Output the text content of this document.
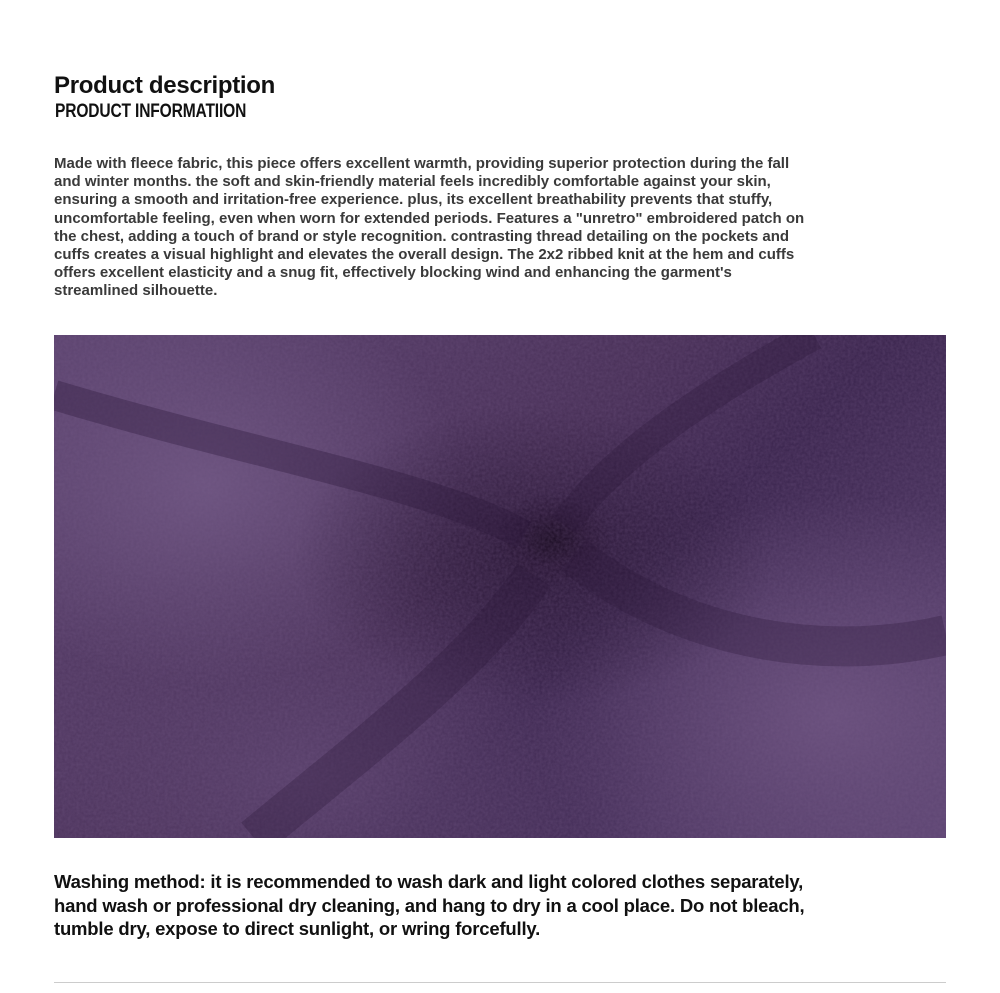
Product description
PRODUCT INFORMATIION
Made with fleece fabric, this piece offers excellent warmth, providing superior protection during the fall
and winter months. the soft and skin-friendly material feels incredibly comfortable against your skin,
ensuring a smooth and irritation-free experience. plus, its excellent breathability prevents that stuffy,
uncomfortable feeling, even when worn for extended periods. Features a "unretro" embroidered patch on
the chest, adding a touch of brand or style recognition. contrasting thread detailing on the pockets and
cuffs creates a visual highlight and elevates the overall design. The 2x2 ribbed knit at the hem and cuffs
offers excellent elasticity and a snug fit, effectively blocking wind and enhancing the garment's
streamlined silhouette.
Washing method: it is recommended to wash dark and light colored clothes separately,
hand wash or professional dry cleaning, and hang to dry in a cool place. Do not bleach,
tumble dry, expose to direct sunlight, or wring forcefully.
